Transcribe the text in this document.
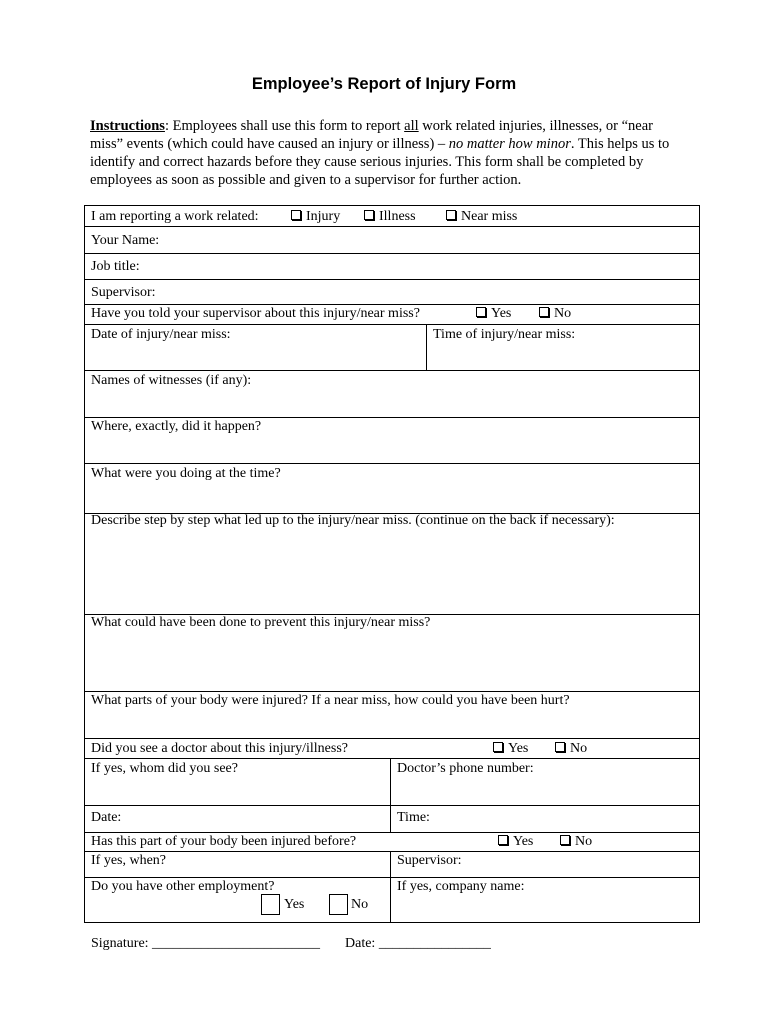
Employee’s Report of Injury Form
Instructions: Employees shall use this form to report all work related injuries, illnesses, or “near miss” events (which could have caused an injury or illness) – no matter how minor. This helps us to identify and correct hazards before they cause serious injuries. This form shall be completed by employees as soon as possible and given to a supervisor for further action.
I am reporting a work related:	Injury	Illness	Near miss
Your Name:
Job title:
Supervisor:
Have you told your supervisor about this injury/near miss?	Yes	No
Date of injury/near miss:	Time of injury/near miss:
Names of witnesses (if any):
Where, exactly, did it happen?
What were you doing at the time?
Describe step by step what led up to the injury/near miss. (continue on the back if necessary):
What could have been done to prevent this injury/near miss?
What parts of your body were injured? If a near miss, how could you have been hurt?
Did you see a doctor about this injury/illness?	Yes	No
If yes, whom did you see?	Doctor’s phone number:
Date:	Time:
Has this part of your body been injured before?	Yes	No
If yes, when?	Supervisor:
Do you have other employment?
Yes	No
If yes, company name:
Signature: ________________________ Date: ________________
